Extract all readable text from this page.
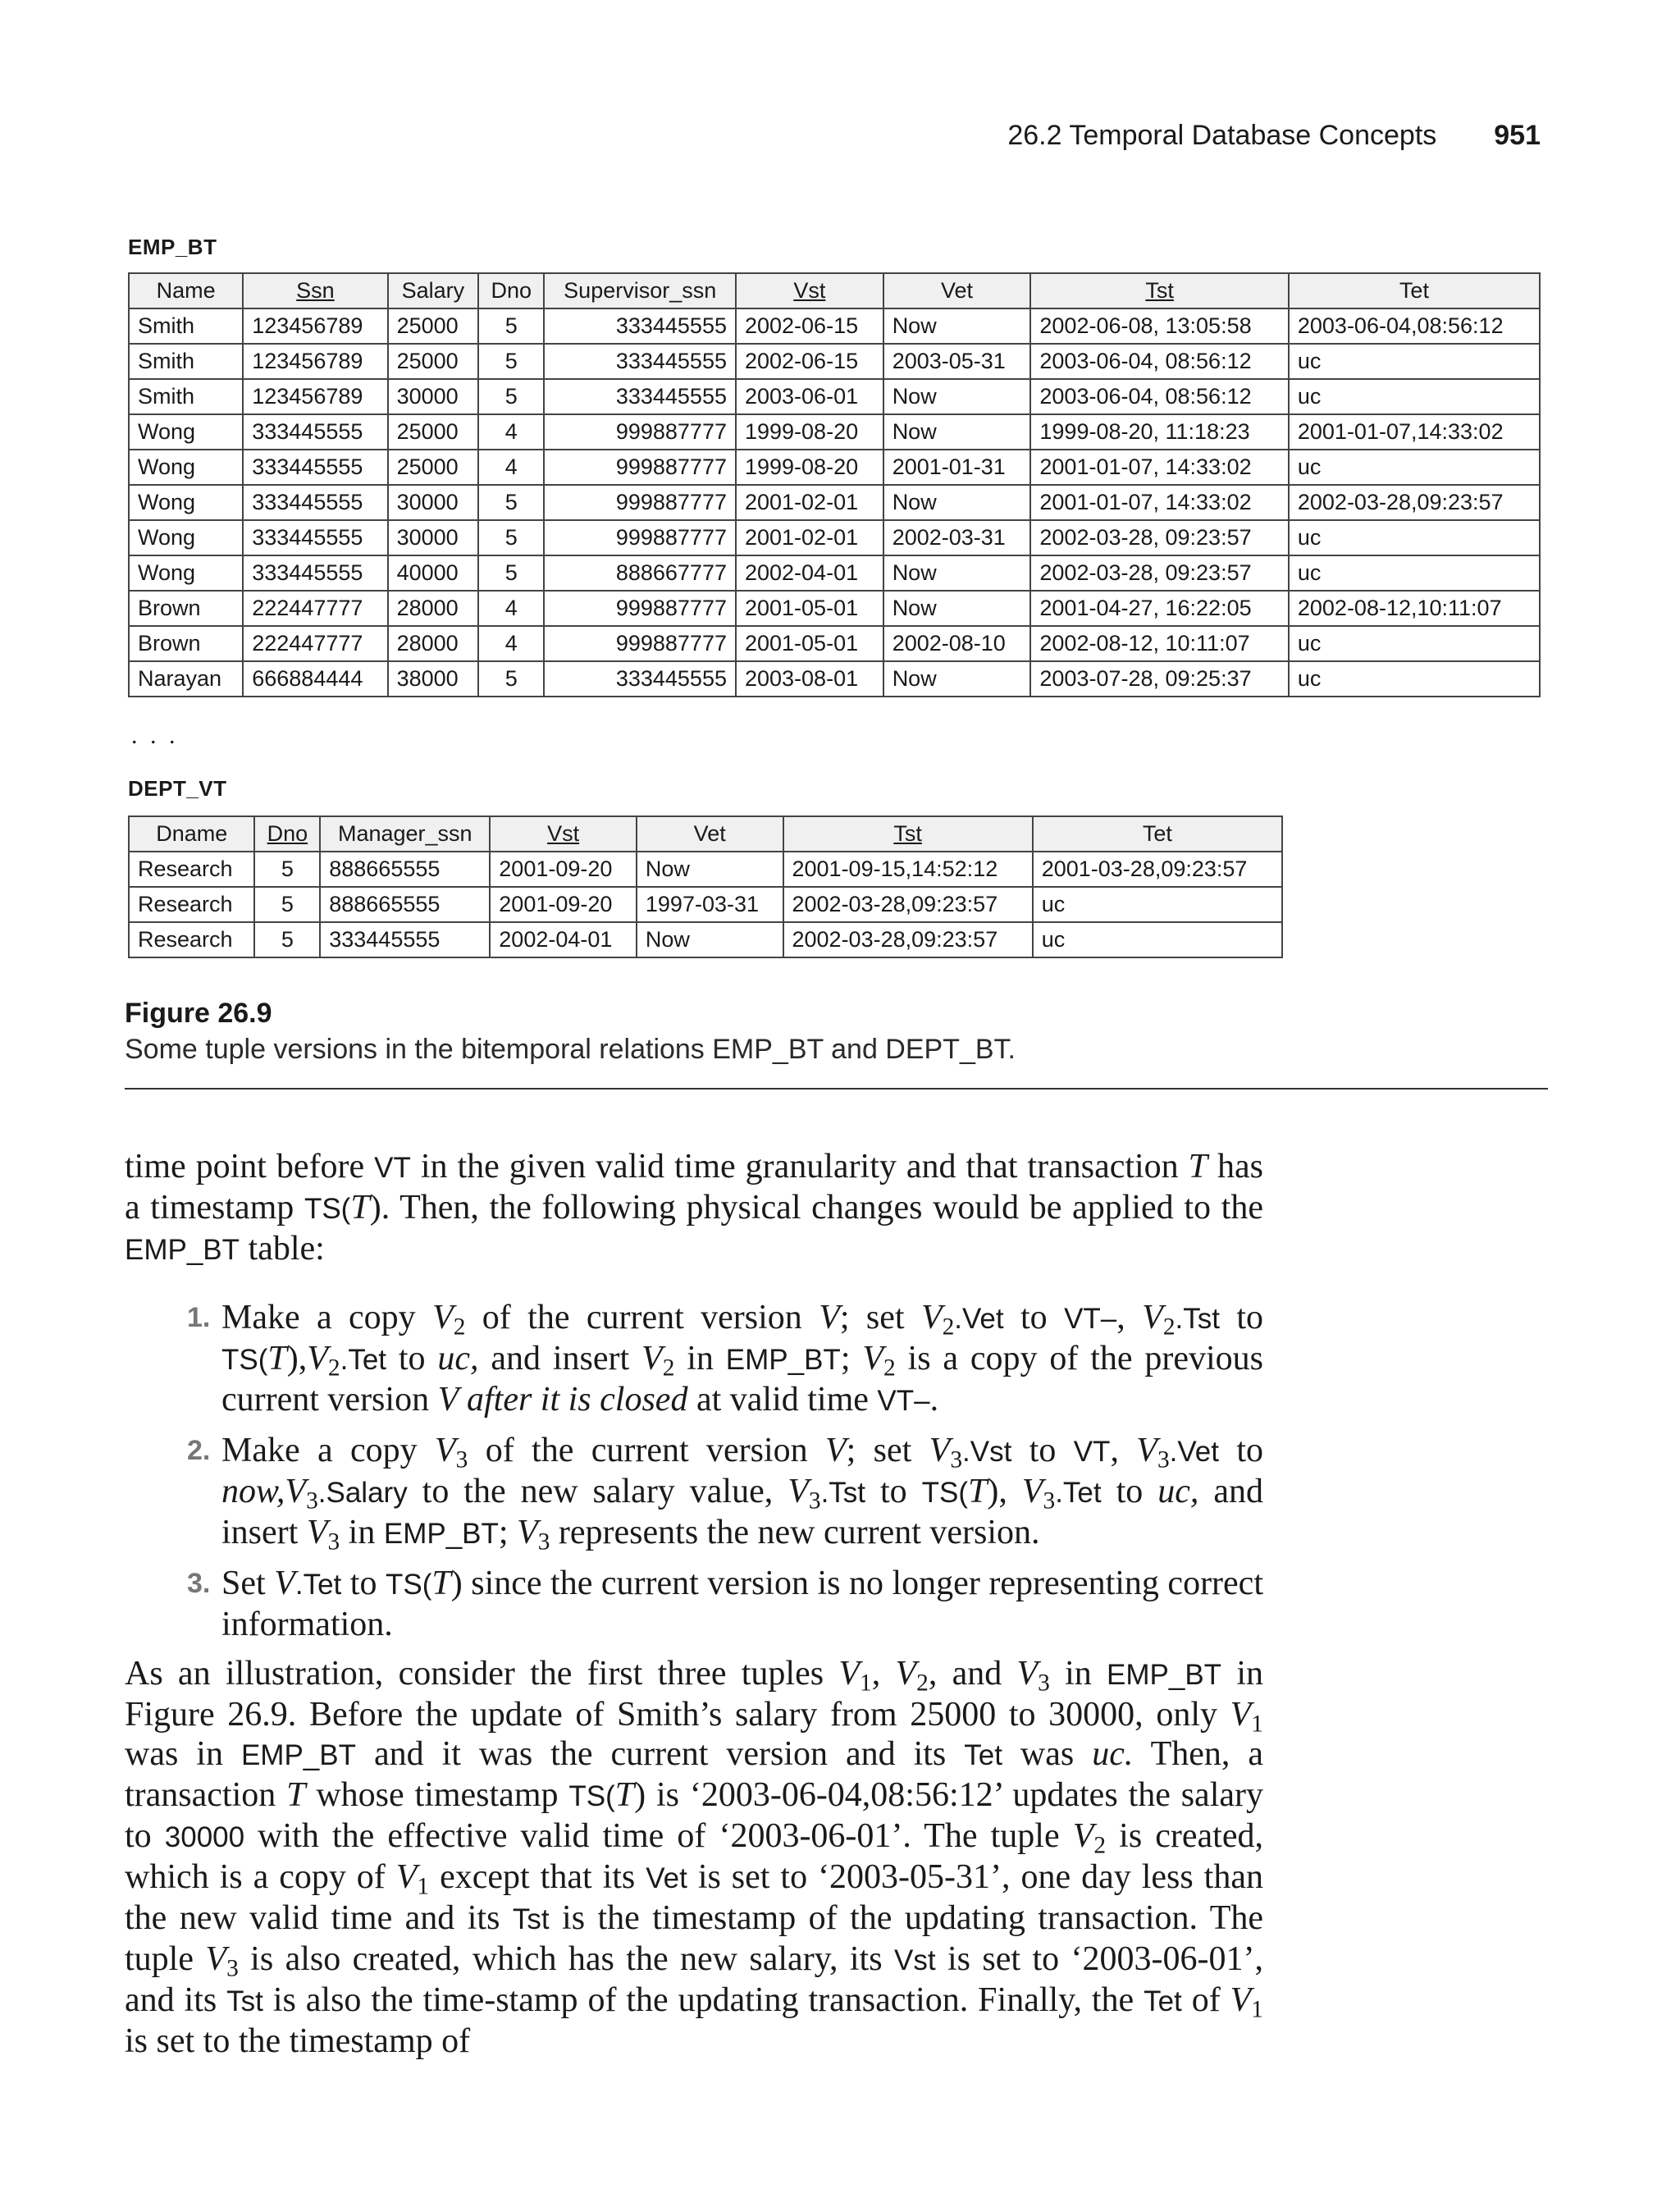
26.2 Temporal Database Concepts 951
EMP_BT
Name	Ssn	Salary	Dno	Supervisor_ssn	Vst	Vet	Tst	Tet
Smith	123456789	25000	5	333445555	2002-06-15	Now	2002-06-08, 13:05:58	2003-06-04,08:56:12
Smith	123456789	25000	5	333445555	2002-06-15	2003-05-31	2003-06-04, 08:56:12	uc
Smith	123456789	30000	5	333445555	2003-06-01	Now	2003-06-04, 08:56:12	uc
Wong	333445555	25000	4	999887777	1999-08-20	Now	1999-08-20, 11:18:23	2001-01-07,14:33:02
Wong	333445555	25000	4	999887777	1999-08-20	2001-01-31	2001-01-07, 14:33:02	uc
Wong	333445555	30000	5	999887777	2001-02-01	Now	2001-01-07, 14:33:02	2002-03-28,09:23:57
Wong	333445555	30000	5	999887777	2001-02-01	2002-03-31	2002-03-28, 09:23:57	uc
Wong	333445555	40000	5	888667777	2002-04-01	Now	2002-03-28, 09:23:57	uc
Brown	222447777	28000	4	999887777	2001-05-01	Now	2001-04-27, 16:22:05	2002-08-12,10:11:07
Brown	222447777	28000	4	999887777	2001-05-01	2002-08-10	2002-08-12, 10:11:07	uc
Narayan	666884444	38000	5	333445555	2003-08-01	Now	2003-07-28, 09:25:37	uc
. . .
DEPT_VT
Dname	Dno	Manager_ssn	Vst	Vet	Tst	Tet
Research	5	888665555	2001-09-20	Now	2001-09-15,14:52:12	2001-03-28,09:23:57
Research	5	888665555	2001-09-20	1997-03-31	2002-03-28,09:23:57	uc
Research	5	333445555	2002-04-01	Now	2002-03-28,09:23:57	uc
Figure 26.9
Some tuple versions in the bitemporal relations EMP_BT and DEPT_BT.

time point before VT in the given valid time granularity and that transaction T has a timestamp TS(T). Then, the following physical changes would be applied to the EMP_BT table:

1. Make a copy $V_2$ of the current version V; set $V_2.Vet$ to VT–, $V_2.Tst$ to $TS(T),V_2.Tet$ to uc, and insert $V_2$ in EMP_BT; $V_2$ is a copy of the previous current version V after it is closed at valid time VT–.
2. Make a copy $V_3$ of the current version V; set $V_3.Vst$ to VT, $V_3.Vet$ to $now,V_3.Salary$ to the new salary value, $V_3.Tst$ to TS(T), $V_3.Tet$ to uc, and insert $V_3$ in EMP_BT; $V_3$ represents the new current version.
3. Set V.Tet to TS(T) since the current version is no longer representing correct information.

As an illustration, consider the first three tuples $V_1$, $V_2$, and $V_3$ in EMP_BT in Figure 26.9. Before the update of Smith’s salary from 25000 to 30000, only $V_1$ was in EMP_BT and it was the current version and its Tet was uc. Then, a transaction T whose timestamp TS(T) is ‘2003-06-04,08:56:12’ updates the salary to 30000 with the effective valid time of ‘2003-06-01’. The tuple $V_2$ is created, which is a copy of $V_1$ except that its Vet is set to ‘2003-05-31’, one day less than the new valid time and its Tst is the timestamp of the updating transaction. The tuple $V_3$ is also created, which has the new salary, its Vst is set to ‘2003-06-01’, and its Tst is also the time-stamp of the updating transaction. Finally, the Tet of $V_1$ is set to the timestamp of
